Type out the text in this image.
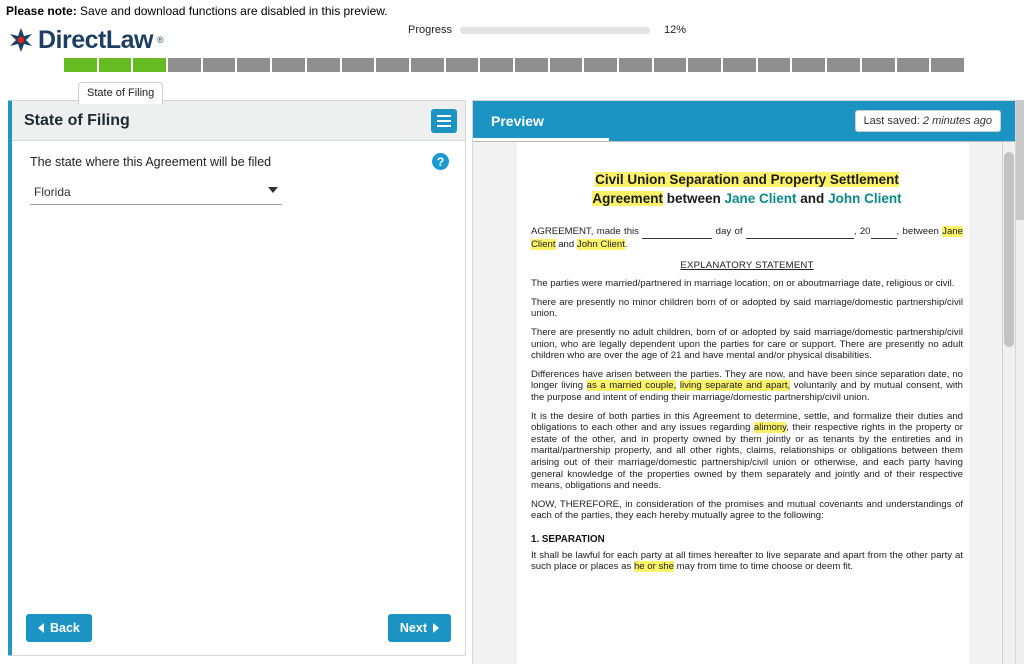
Please note: Save and download functions are disabled in this preview.
Progress	12%
DirectLaw ®
State of Filing
State of Filing
?
The state where this Agreement will be filed
Florida
Back	Next
Preview	Last saved: 2 minutes ago
Civil Union Separation and Property Settlement
Agreement between Jane Client and John Client

AGREEMENT, made this	day of	, 20	, between Jane Client and John Client.

EXPLANATORY STATEMENT

The parties were married/partnered in marriage location, on or aboutmarriage date, religious or civil.

There are presently no minor children born of or adopted by said marriage/domestic partnership/civil union.

There are presently no adult children, born of or adopted by said marriage/domestic partnership/civil union, who are legally dependent upon the parties for care or support. There are presently no adult children who are over the age of 21 and have mental and/or physical disabilities.

Differences have arisen between the parties. They are now, and have been since separation date, no longer living as a married couple, living separate and apart, voluntarily and by mutual consent, with the purpose and intent of ending their marriage/domestic partnership/civil union.

It is the desire of both parties in this Agreement to determine, settle, and formalize their duties and obligations to each other and any issues regarding alimony, their respective rights in the property or estate of the other, and in property owned by them jointly or as tenants by the entireties and in marital/partnership property, and all other rights, claims, relationships or obligations between them arising out of their marriage/domestic partnership/civil union or otherwise, and each party having general knowledge of the properties owned by them separately and jointly and of their respective means, obligations and needs.

NOW, THEREFORE, in consideration of the promises and mutual covenants and understandings of each of the parties, they each hereby mutually agree to the following:

1. SEPARATION

It shall be lawful for each party at all times hereafter to live separate and apart from the other party at such place or places as he or she may from time to time choose or deem fit.
